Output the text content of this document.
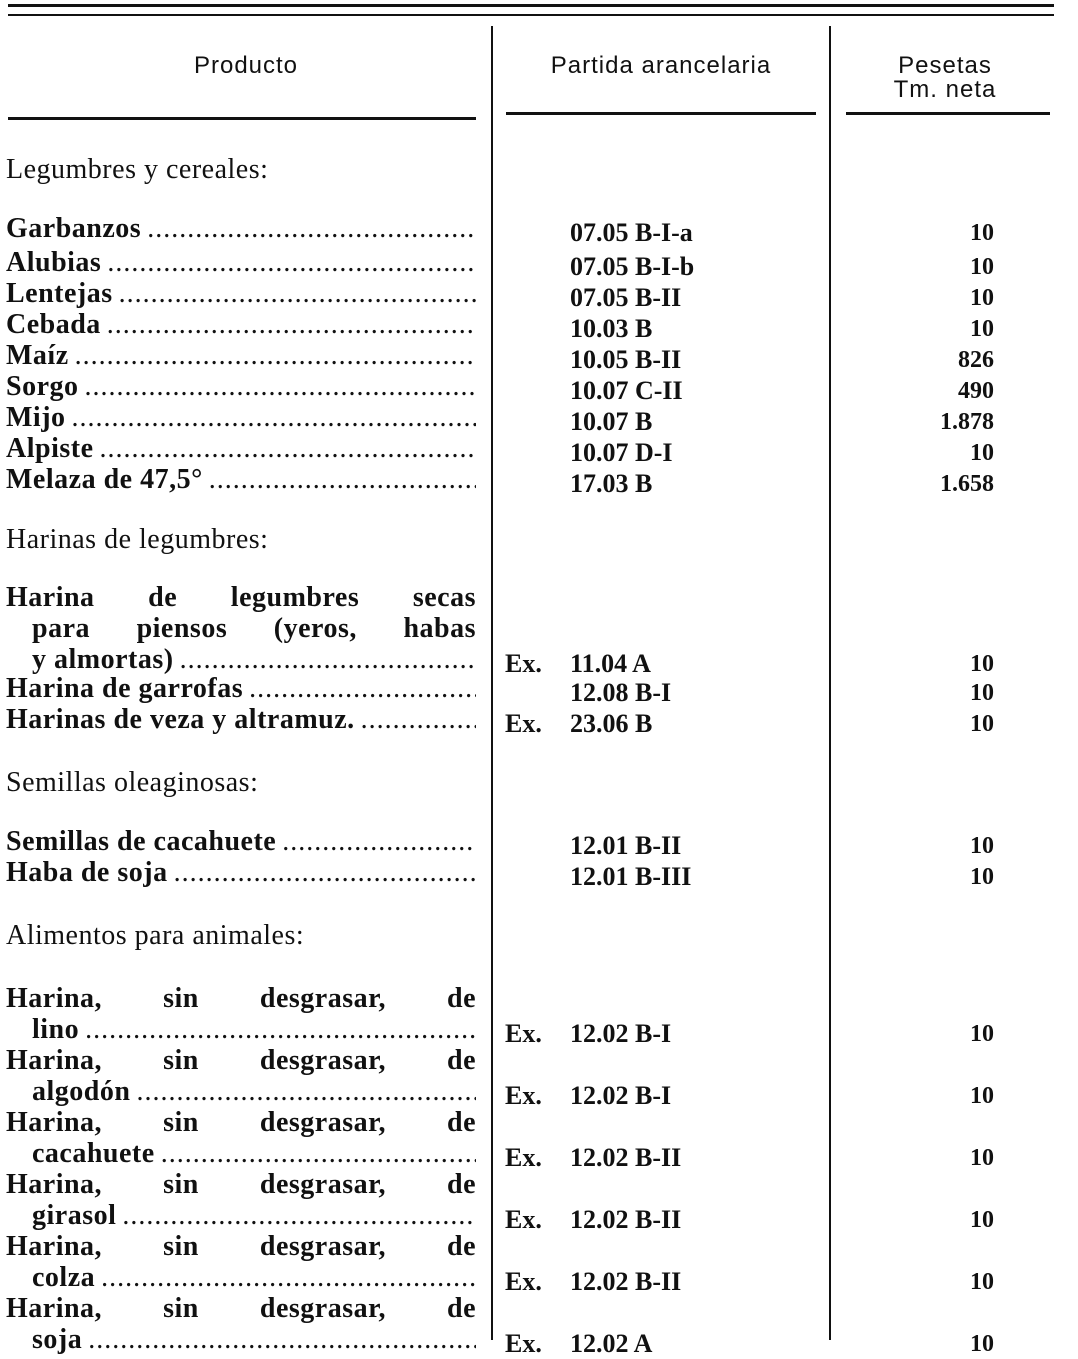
Producto	Partida arancelaria	Pesetas
Tm. neta
Legumbres y cereales:
Garbanzos .....	07.05 B-I-a	10
Alubias .....	07.05 B-I-b	10
Lentejas .....	07.05 B-II	10
Cebada .....	10.03 B	10
Maíz .....	10.05 B-II	826
Sorgo .....	10.07 C-II	490
Mijo .....	10.07 B	1.878
Alpiste .....	10.07 D-I	10
Melaza de 47,5° .....	17.03 B	1.658
Harinas de legumbres:
Harina de legumbres secas
para piensos (yeros, habas
y almortas) .....	Ex. 11.04 A	10
Harina de garrofas .....	12.08 B-I	10
Harinas de veza y altramuz. .....	Ex. 23.06 B	10
Semillas oleaginosas:
Semillas de cacahuete .....	12.01 B-II	10
Haba de soja .....	12.01 B-III	10
Alimentos para animales:
Harina, sin desgrasar, de
lino .....	Ex. 12.02 B-I	10
Harina, sin desgrasar, de
algodón .....	Ex. 12.02 B-I	10
Harina, sin desgrasar, de
cacahuete .....	Ex. 12.02 B-II	10
Harina, sin desgrasar, de
girasol .....	Ex. 12.02 B-II	10
Harina, sin desgrasar, de
colza .....	Ex. 12.02 B-II	10
Harina, sin desgrasar, de
soja .....	Ex. 12.02 A	10
